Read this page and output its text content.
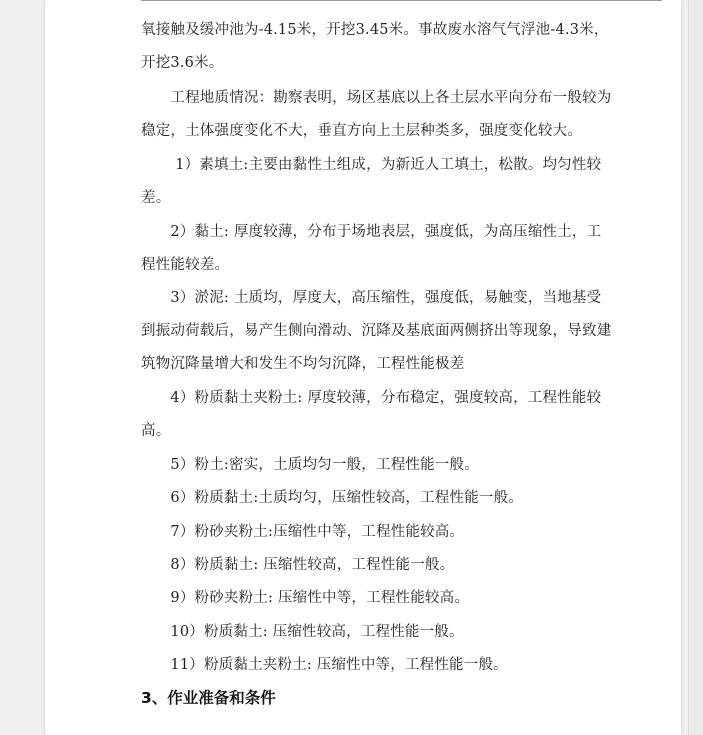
氧接触及缓冲池为-4.15米，开挖3.45米。事故废水溶气气浮池-4.3米，
开挖3.6米。
　　工程地质情况：勘察表明，场区基底以上各土层水平向分布一般较为
稳定，土体强度变化不大，垂直方向上土层种类多，强度变化较大。
　　 1）素填土:主要由黏性土组成，为新近人工填土，松散。均匀性较
差。
　　2）黏土: 厚度较薄，分布于场地表层，强度低，为高压缩性土，工
程性能较差。
　　3）淤泥: 土质均，厚度大，高压缩性，强度低，易触变，当地基受
到振动荷载后，易产生侧向滑动、沉降及基底面两侧挤出等现象，导致建
筑物沉降量增大和发生不均匀沉降，工程性能极差
　　4）粉质黏土夹粉土: 厚度较薄，分布稳定，强度较高，工程性能较
高。
　　5）粉土:密实，土质均匀一般，工程性能一般。
　　6）粉质黏土:土质均匀，压缩性较高，工程性能一般。
　　7）粉砂夹粉土:压缩性中等，工程性能较高。
　　8）粉质黏土: 压缩性较高，工程性能一般。
　　9）粉砂夹粉土: 压缩性中等，工程性能较高。
　　10）粉质黏土: 压缩性较高，工程性能一般。
　　11）粉质黏土夹粉土: 压缩性中等，工程性能一般。
3、作业准备和条件
